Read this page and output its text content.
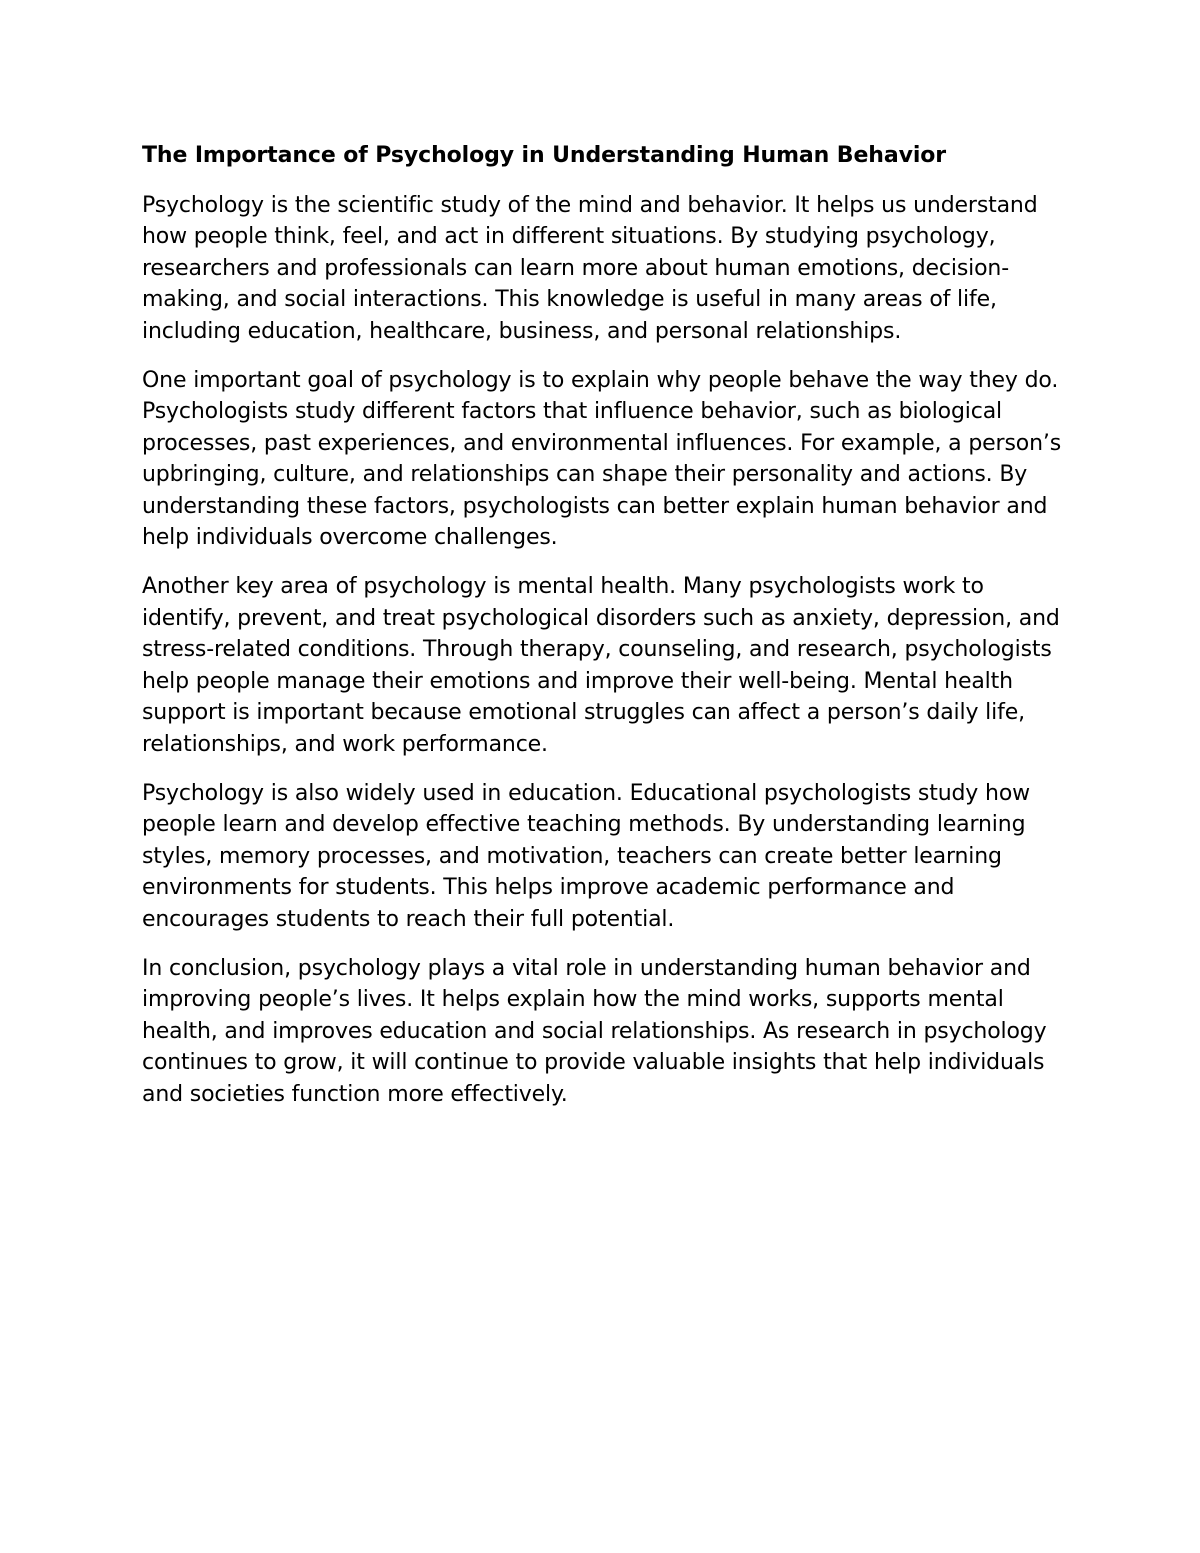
The Importance of Psychology in Understanding Human Behavior

Psychology is the scientific study of the mind and behavior. It helps us understand how people think, feel, and act in different situations. By studying psychology, researchers and professionals can learn more about human emotions, decision-making, and social interactions. This knowledge is useful in many areas of life, including education, healthcare, business, and personal relationships.

One important goal of psychology is to explain why people behave the way they do. Psychologists study different factors that influence behavior, such as biological processes, past experiences, and environmental influences. For example, a person’s upbringing, culture, and relationships can shape their personality and actions. By understanding these factors, psychologists can better explain human behavior and help individuals overcome challenges.

Another key area of psychology is mental health. Many psychologists work to identify, prevent, and treat psychological disorders such as anxiety, depression, and stress-related conditions. Through therapy, counseling, and research, psychologists help people manage their emotions and improve their well-being. Mental health support is important because emotional struggles can affect a person’s daily life, relationships, and work performance.

Psychology is also widely used in education. Educational psychologists study how people learn and develop effective teaching methods. By understanding learning styles, memory processes, and motivation, teachers can create better learning environments for students. This helps improve academic performance and encourages students to reach their full potential.

In conclusion, psychology plays a vital role in understanding human behavior and improving people’s lives. It helps explain how the mind works, supports mental health, and improves education and social relationships. As research in psychology continues to grow, it will continue to provide valuable insights that help individuals and societies function more effectively.
